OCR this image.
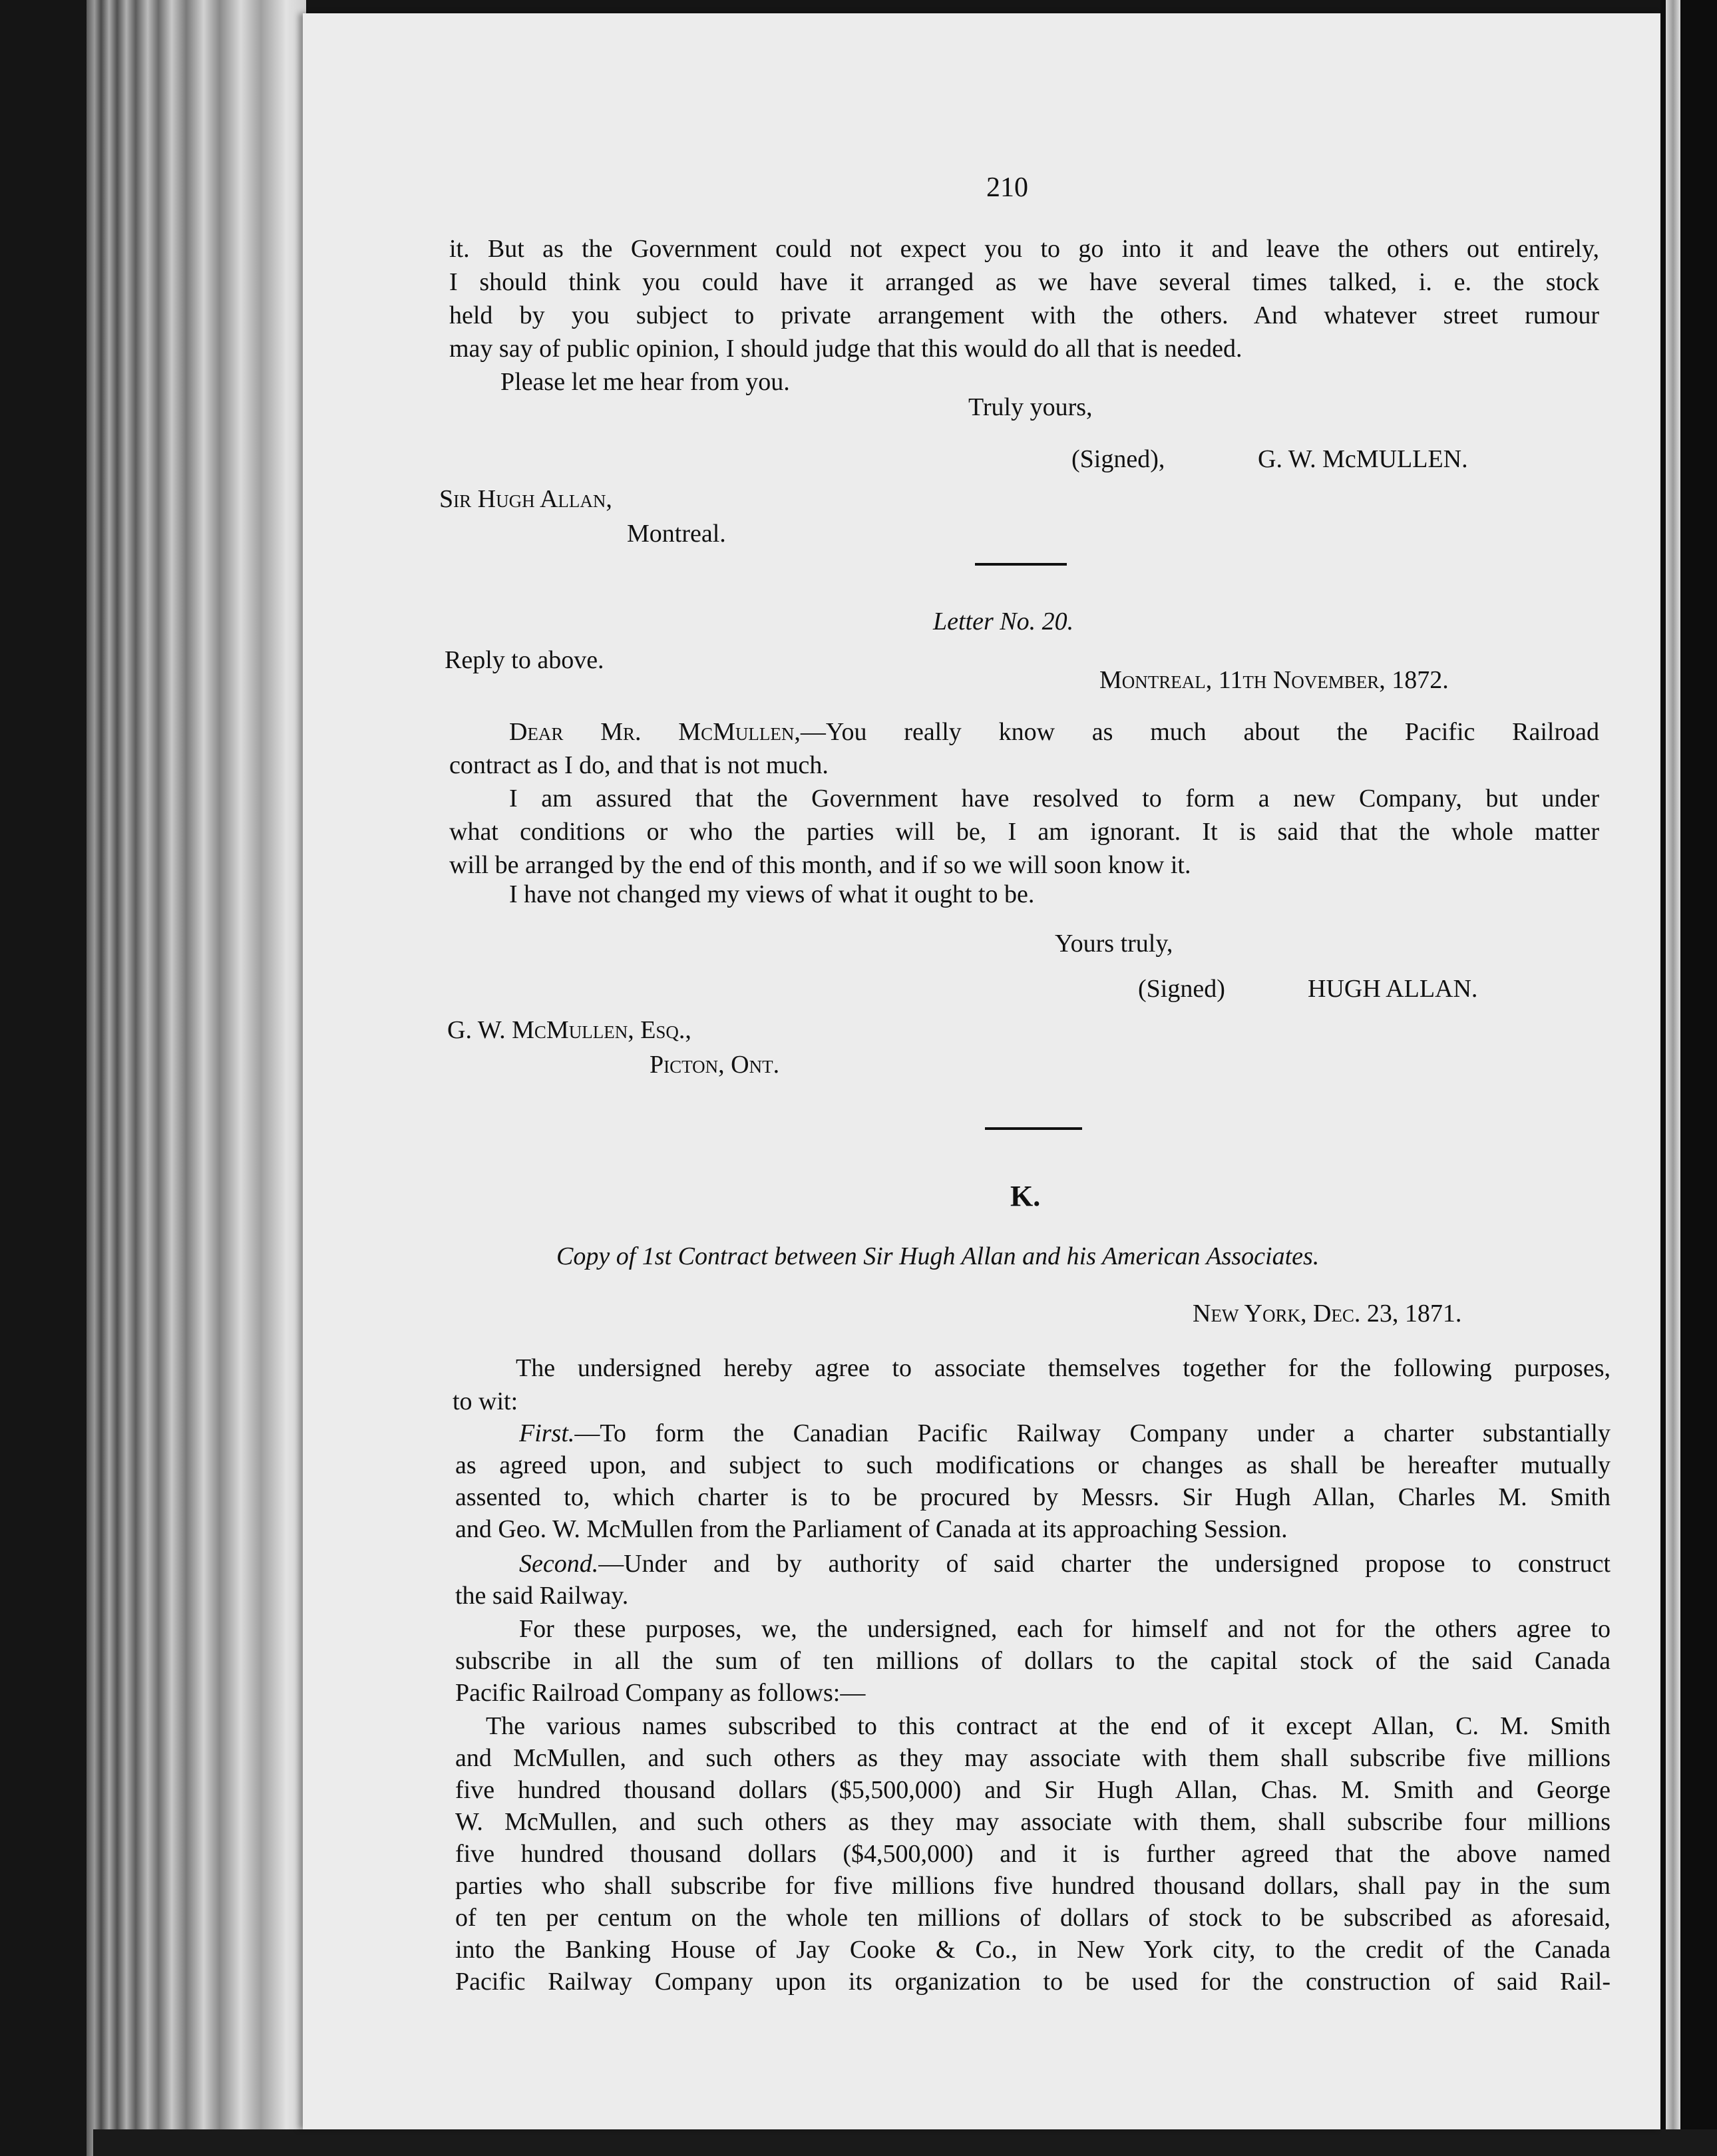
210
it. But as the Government could not expect you to go into it and leave the others out entirely,
I should think you could have it arranged as we have several times talked, i. e. the stock
held by you subject to private arrangement with the others. And whatever street rumour
may say of public opinion, I should judge that this would do all that is needed.
Please let me hear from you.
Truly yours,
(Signed),	G. W. McMULLEN.
Sir Hugh Allan,
Montreal.
Letter No. 20.
Reply to above.
Montreal, 11th November, 1872.
Dear Mr. McMullen,—You really know as much about the Pacific Railroad
contract as I do, and that is not much.
I am assured that the Government have resolved to form a new Company, but under
what conditions or who the parties will be, I am ignorant. It is said that the whole matter
will be arranged by the end of this month, and if so we will soon know it.
I have not changed my views of what it ought to be.
Yours truly,
(Signed)	HUGH ALLAN.
G. W. McMullen, Esq.,
Picton, Ont.
K.
Copy of 1st Contract between Sir Hugh Allan and his American Associates.
New York, Dec. 23, 1871.
The undersigned hereby agree to associate themselves together for the following purposes,
to wit:
First.—To form the Canadian Pacific Railway Company under a charter substantially
as agreed upon, and subject to such modifications or changes as shall be hereafter mutually
assented to, which charter is to be procured by Messrs. Sir Hugh Allan, Charles M. Smith
and Geo. W. McMullen from the Parliament of Canada at its approaching Session.
Second.—Under and by authority of said charter the undersigned propose to construct
the said Railway.
For these purposes, we, the undersigned, each for himself and not for the others agree to
subscribe in all the sum of ten millions of dollars to the capital stock of the said Canada
Pacific Railroad Company as follows:—
The various names subscribed to this contract at the end of it except Allan, C. M. Smith
and McMullen, and such others as they may associate with them shall subscribe five millions
five hundred thousand dollars ($5,500,000) and Sir Hugh Allan, Chas. M. Smith and George
W. McMullen, and such others as they may associate with them, shall subscribe four millions
five hundred thousand dollars ($4,500,000) and it is further agreed that the above named
parties who shall subscribe for five millions five hundred thousand dollars, shall pay in the sum
of ten per centum on the whole ten millions of dollars of stock to be subscribed as aforesaid,
into the Banking House of Jay Cooke & Co., in New York city, to the credit of the Canada
Pacific Railway Company upon its organization to be used for the construction of said Rail-
